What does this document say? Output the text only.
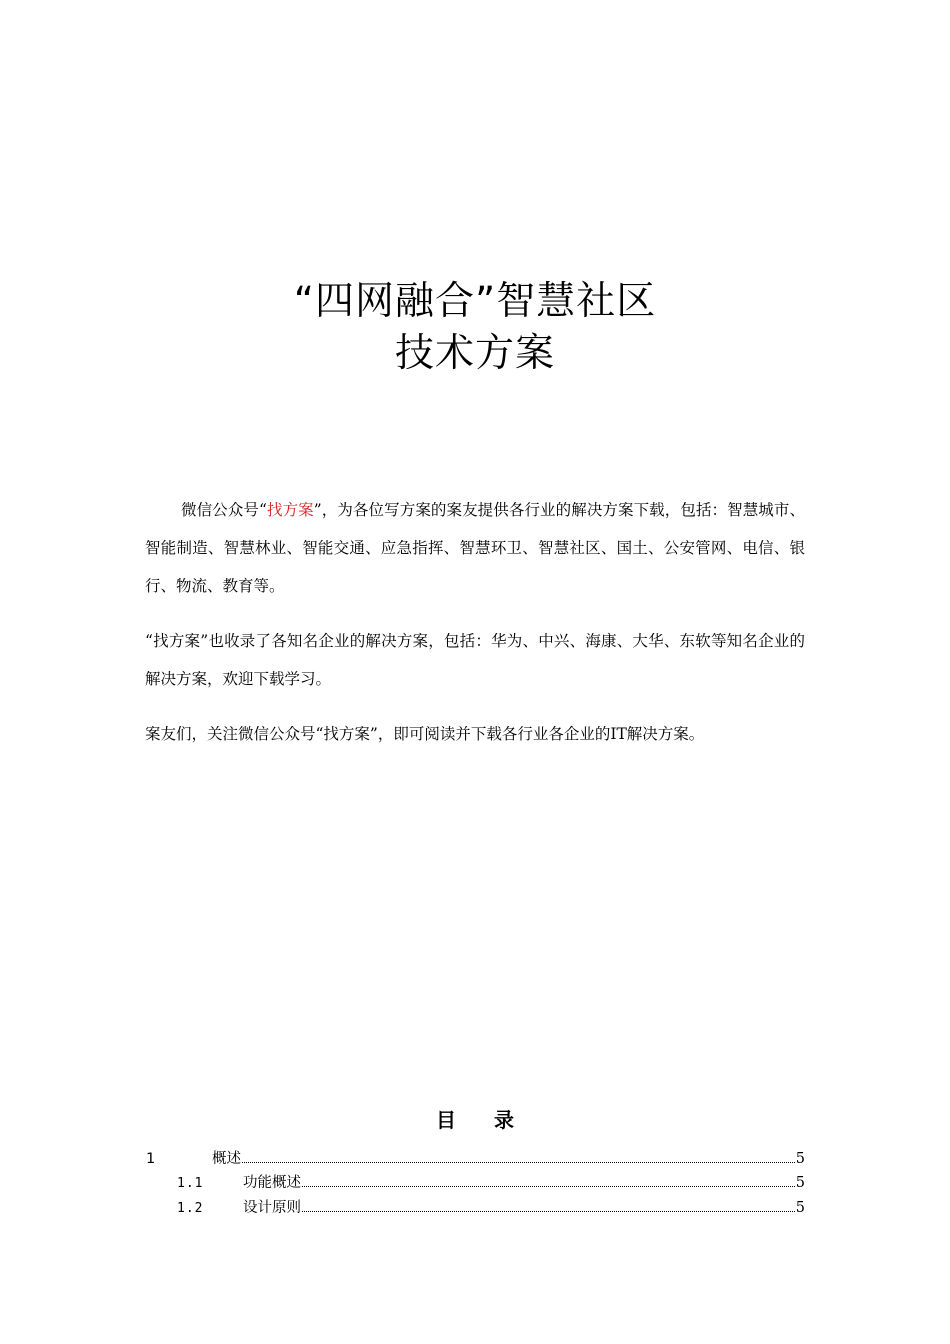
“四网融合”智慧社区
技术方案
微信公众号“找方案”，为各位写方案的案友提供各行业的解决方案下载，包括：智慧城市、智能制造、智慧林业、智能交通、应急指挥、智慧环卫、智慧社区、国土、公安管网、电信、银行、物流、教育等。
“找方案”也收录了各知名企业的解决方案，包括：华为、中兴、海康、大华、东软等知名企业的解决方案，欢迎下载学习。
案友们，关注微信公众号“找方案”，即可阅读并下载各行业各企业的IT解决方案。
目录
1	概述	5
1.1	功能概述	5
1.2	设计原则	5
